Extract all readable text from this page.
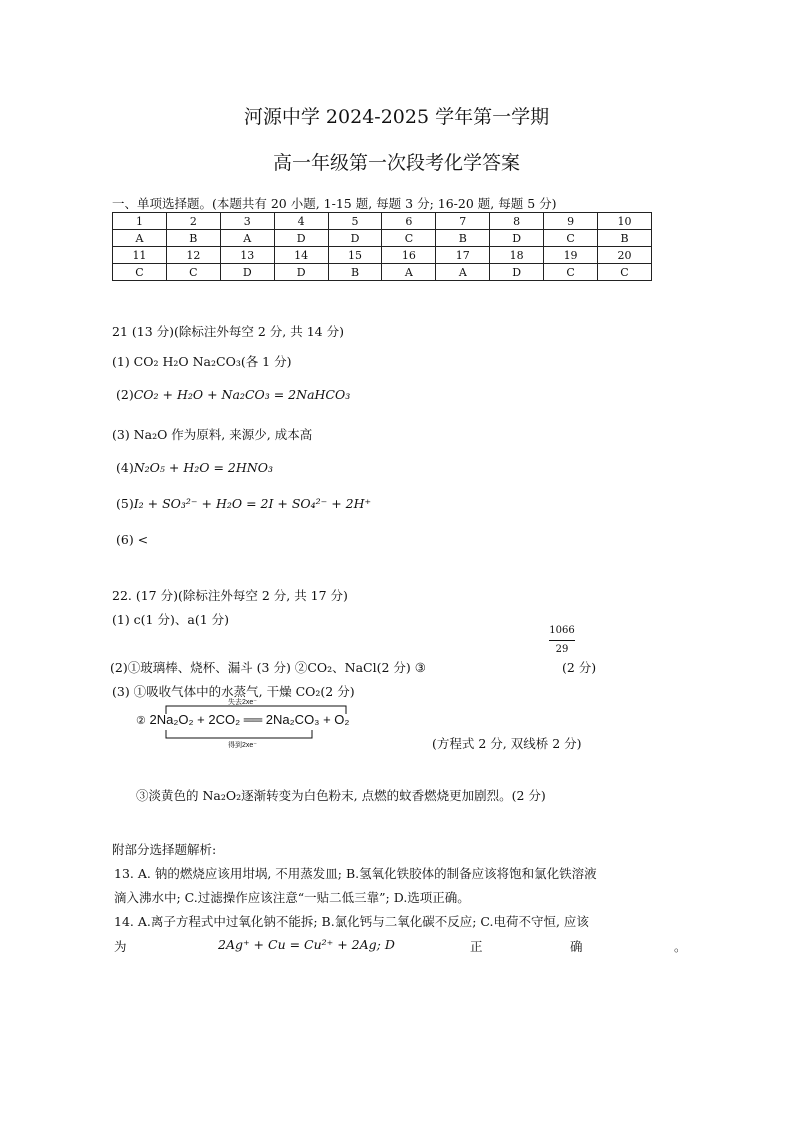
河源中学 2024-2025 学年第一学期
高一年级第一次段考化学答案
一、单项选择题。(本题共有 20 小题, 1-15 题, 每题 3 分; 16-20 题, 每题 5 分)
1	2	3	4	5	6	7	8	9	10
A	B	A	D	D	C	B	D	C	B
11	12	13	14	15	16	17	18	19	20
C	C	D	D	B	A	A	D	C	C
21 (13 分)(除标注外每空 2 分, 共 14 分)
(1) CO₂ H₂O Na₂CO₃(各 1 分)
(2)CO₂ + H₂O + Na₂CO₃ = 2NaHCO₃
(3) Na₂O 作为原料, 来源少, 成本高
(4)N₂O₅ + H₂O = 2HNO₃
(5)I₂ + SO₃²⁻ + H₂O = 2I + SO₄²⁻ + 2H⁺
(6) <
22. (17 分)(除标注外每空 2 分, 共 17 分)
(1) c(1 分)、a(1 分)
1066
29
(2)①玻璃棒、烧杯、漏斗 (3 分) ②CO₂、NaCl(2 分) ③	(2 分)
(3) ①吸收气体中的水蒸气, 干燥 CO₂(2 分)
失去2xe⁻
得到2xe⁻
② 2Na₂O₂ + 2CO₂ ══ 2Na₂CO₃ + O₂
(方程式 2 分, 双线桥 2 分)
③淡黄色的 Na₂O₂逐渐转变为白色粉末, 点燃的蚊香燃烧更加剧烈。(2 分)
附部分选择题解析:
13. A. 钠的燃烧应该用坩埚, 不用蒸发皿; B.氢氧化铁胶体的制备应该将饱和氯化铁溶液
滴入沸水中; C.过滤操作应该注意“一贴二低三靠”; D.选项正确。
14. A.离子方程式中过氧化钠不能拆; B.氯化钙与二氧化碳不反应; C.电荷不守恒, 应该
为	2Ag⁺ + Cu = Cu²⁺ + 2Ag; D	正	确	。
